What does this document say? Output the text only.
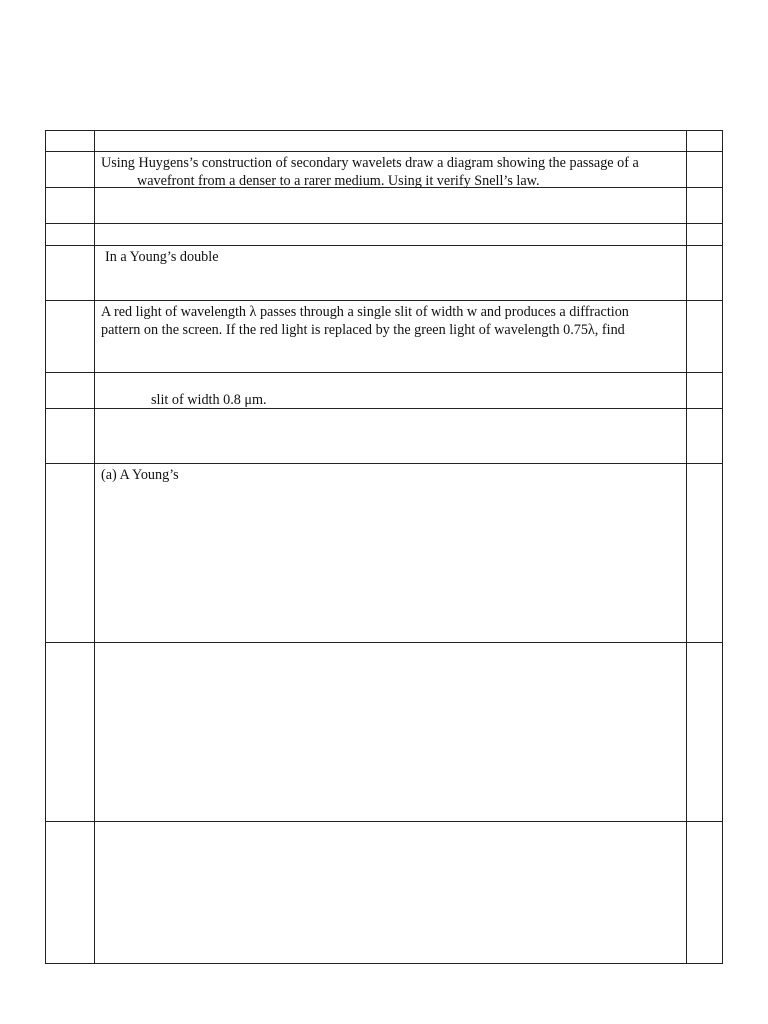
Using Huygens’s construction of secondary wavelets draw a diagram showing the passage of a
wavefront from a denser to a rarer medium. Using it verify Snell’s law.
In a Young’s double
A red light of wavelength λ passes through a single slit of width w and produces a diffraction
pattern on the screen. If the red light is replaced by the green light of wavelength 0.75λ, find
slit of width 0.8 μm.
(a) A Young’s
